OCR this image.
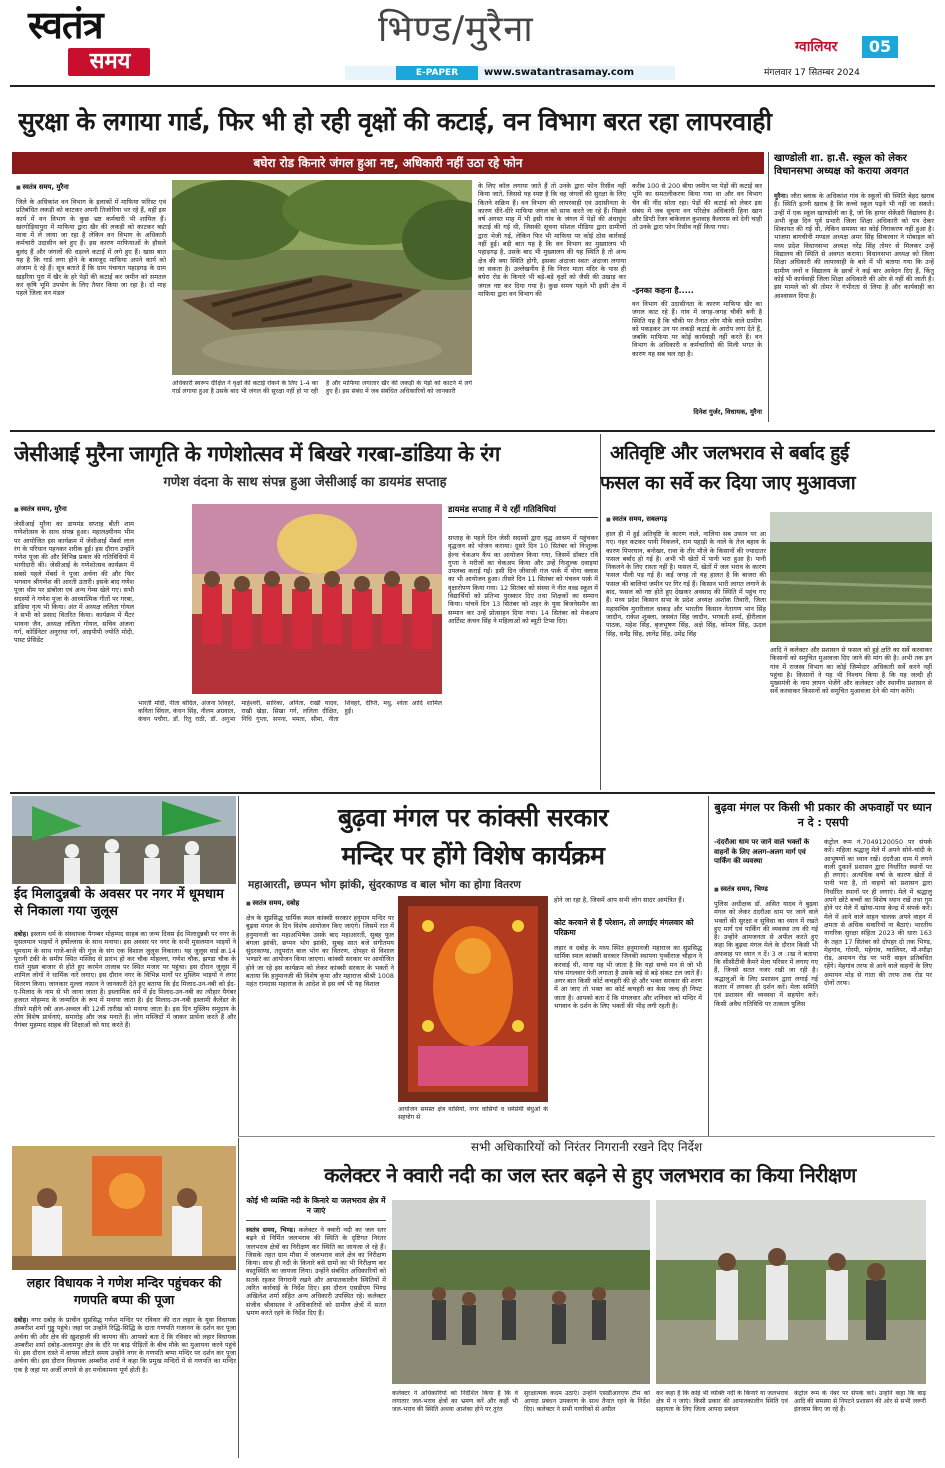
स्वतंत्र
समय
भिण्ड/मुरैना
E-PAPER	www.swatantrasamay.com
ग्वालियर	05
मंगलवार 17 सितम्बर 2024
सुरक्षा के लगाया गार्ड, फिर भी हो रही वृक्षों की कटाई, वन विभाग बरत रहा लापरवाही
बघेरा रोड किनारे जंगल हुआ नष्ट, अधिकारी नहीं उठा रहे फोन
■ स्वतंत्र समय, मुरैना
जिले के अधिकांश वन विभाग के इलाकों में माफिया फॉरेस्ट एवं प्रतिबंधित लकड़ी को काटकर अपनी तिजोरिया भर रहे हैं, वहीं इस कार्य में वन विभाग के कुछ भ्रष्ट कर्मचारी भी शामिल हैं। खरगोड़ियापुरा में माफिया द्वारा खैर की लकड़ी को काटकर बड़ी मात्रा में ले जाया जा रहा है लेकिन वन विभाग के अधिकारी कर्मचारी उदासीन बने हुए हैं। इस कारण माफियाओं के हौसले बुलंद हैं और जंगलों की धड़ल्ले कटाई में लगे हुए हैं। खास बात यह है कि गार्ड लगा होने के बावजूद माफिया अपने कार्य को अंजाम दे रहे हैं। सूत्र बताते हैं कि ग्राम पंचायत पहाड़गढ़ के ग्राम खड़रिया पुरा में खैर के हरे पेड़ों की कटाई कर जमीन को समतल कर कृषि भूमि उपयोग के लिए तैयार किया जा रहा है। दो माह पहले जिला वन मंडल
अधिकारी स्वरूप दीक्षित ने वृक्षों की कटाई रोकने के लिए 1-4 का गार्ड लगाया हुआ है उसके बाद भी जंगल की सुरक्षा नहीं हो पा रही है और माफिया लगातार खैर की लकड़ी के पेड़ों को काटने में लगे हुए हैं। इस संबंध में जब संबंधित अधिकारियों को जानकारी
के लिए कॉल लगाया जाते हैं तो उनके द्वारा फोन रिसीव नहीं किया जाते, जिससे यह स्पष्ट है कि वह जंगलों की सुरक्षा के लिए कितने सक्रिय हैं। वन विभाग की लापरवाही एवं उदासीनता के कारण धीरे-धीरे माफिया जंगल को साफ करते जा रहे हैं। पिछले वर्ष अगस्त माह में भी इसी गांव के जंगल में पेड़ों की अंधाधुंध कटाई की गई थी, जिसकी सूचना सोशल मीडिया द्वारा ग्रामीणों द्वारा भेजी गई, लेकिन फिर भी माफिया पर कोई ठोस कार्रवाई नहीं हुई। बड़ी बात यह है कि वन विभाग का मुख्यालय भी पहाड़गढ़ है, उसके बाद भी मुख्यालय की यह स्थिति है तो अन्य क्षेत्र की क्या स्थिति होगी, इसका अंदाजा स्वतः अंदाजा लगाया जा सकता है। उल्लेखनीय है कि निरार माता मंदिर के पास ही बघेरा रोड के किनारे भी बड़े-बड़े वृक्षों को जैसी की उखाड़ कर जंगल नष्ट कर दिया गया है। कुछ समय पहले भी इसी क्षेत्र में माफिया द्वारा वन विभाग की
करीब 100 से 200 बीघा जमीन पर पेड़ों की कटाई कर भूमि का समतलीकरण किया गया था और वन विभाग चैन की नींद सोता रहा। पेड़ों की कटाई को लेकर इस संबंध में जब सूचना वन परिक्षेत्र अधिकारी हिना खान और डिप्टी रेंजर बांकेलाल कुशवाह कैलारस को देनी चाही तो उनके द्वारा फोन रिसीव नहीं किया गया।
-इनका कहना है.....
वन विभाग की उदासीनता के कारण माफिया खैर का जंगल काट रहे हैं। गांव में जगह-जगह चौकी बनी है स्थिति यह है कि चौकी पर तैनात लोग मौके वाले ग्रामीण को पकड़कर उन पर लकड़ी कटाई के आरोप लगा देते हैं, जबकि माफिया पर कोई कार्यवाही नहीं करते हैं। वन विभाग के अधिकारी व कर्मचारियों की मिली भगत के कारण यह सब चल रहा है।
दिनेश गुर्जर, विधायक, मुरैना
खाण्डोली शा. हा.सै. स्कूल को लेकर विधानसभा अध्यक्ष को कराया अवगत
मुरैना। जौरा ब्लाक के अधिकांश गांव के स्कूलों की स्थिति बेहद खराब है। स्थिति इतनी खराब है कि कच्चे स्कूल पढ़ने भी नहीं जा सकते। उन्हीं में एक स्कूल खाण्डोली का है, जो कि हायर सेकेंडरी विद्यालय है। अभी कुछ दिन पूर्व प्रभारी जिला शिक्षा अधिकारी को पत्र देकर शिकायत की गई थी, लेकिन समस्या का कोई निराकरण नहीं हुआ है। भाजपा बागचीनी मण्डल अध्यक्ष अमर सिंह सिकरवार ने मोबाइल को मध्य प्रदेश विधानसभा अध्यक्ष नरेंद्र सिंह तोमर से मिलकर उन्हें विद्यालय की स्थिति से अवगत कराया। विधानसभा अध्यक्ष को जिला शिक्षा अधिकारी की लापरवाही के बारे में भी बताया गया कि उन्हें ग्रामीण जनों व विद्यालय के छात्रों ने कई बार आवेदन दिए हैं, किंतु कोई भी कार्यवाही जिला शिक्षा अधिकारी की ओर से नहीं की जाती है। इस मामले को श्री तोमर ने गंभीरता से लिया है और कार्यवाही का आश्वासन दिया है।
जेसीआई मुरैना जागृति के गणेशोत्सव में बिखरे गरबा-डांडिया के रंग
गणेश वंदना के साथ संपन्न हुआ जेसीआई का डायमंड सप्ताह
■ स्वतंत्र समय, मुरैना
जेसीआई मुरैना का डायमंड सप्ताह बीती शाम गणेशोत्सव के साथ संपन्न हुआ। महालक्ष्मीनम भीम पर आयोजित इस कार्यक्रम में जेसीआई मेंबर्स लाल रंग के परिधान पहनकर शरीक हुईं। इस दौरान उन्होंने गणेश पूजा की और विभिन्न प्रकार की गतिविधियों में भागीदारी की। जेसीआई के गणेशोत्सव कार्यक्रम में सबसे पहले मेंबर्स ने पूजा अर्चना की और फिर भगवान श्रीगणेश की आरती उतारी। इसके बाद गणेश पूजा थीम पर डांबोला एवं अन्य गेम्स खेले गए। सभी सदस्यों ने गणेश पूजा के आध्यात्मिक गीतों पर गरबा, डांडिया नृत्य भी किया। अंत में अध्यक्ष ललिता गोयल ने सभी को प्रसाद वितरित किया। कार्यक्रम में मैंटर भावना जैन, अध्यक्ष ललिता गोयल, सचिव अंजना गर्ग, कोर्डिनेटर अनुराधा गर्ग, आइपीपी ज्योति मोदी, पास्ट प्रेसिडेंट
भारती मोदी, नीता बांदिल, अंजना शिवहरे, कविता सिंघल, कंचन सिंह, नीलम अग्रवाल, कंचन पचौरा, डॉ. रितु राठी, डॉ. अनुभा माहेश्वरी, सारिका, अनिता, राखी यादव, राखी खेड़ा, सिखा गर्ग, ललिता दीक्षित, निधि गुप्ता, सपना, ममता, सीमा, नीता शिवहरे, दीप्ति, मधु, श्वेता आदि शामिल हुईं।
डायमंड सप्ताह में ये रहीं गतिविधियां
सप्ताह के पहले दिन जेसी सदस्यों द्वारा वृद्ध आश्रम में पहुंचकर वृद्धजन को भोजन कराया। दूसरे दिन 10 सितंबर को निःशुल्क हेल्थ चेकअप कैंप का आयोजन किया गया, जिसमें डॉक्टर रवि गुप्ता ने मरीजों का चेकअप किया और उन्हें निःशुल्क दवाइयां उपलब्ध कराई गईं। इसी दिन जीवाजी गंज पार्क में योगा क्लास का भी आयोजन हुआ। तीसरे दिन 11 सितंबर को पंचवन पार्क में वृक्षारोपण किया गया। 12 सितंबर को संस्था ने नीत वल्र्ड स्कूल में विद्यार्थियों को प्रतिभा पुरस्कार दिए तथा शिक्षकों का सम्मान किया। पांचवें दिन 13 सितंबर को शहर के युवा बिजनेसमैन का सम्मान कर उन्हें प्रोत्साहन दिया गया। 14 सितंबर को मेकअप आर्टिस्ट कंचन सिंह ने महिलाओं को ब्यूटी टिप्स दिए।
अतिवृष्टि और जलभराव से बर्बाद हुई
फसल का सर्वे कर दिया जाए मुआवजा
■ स्वतंत्र समय, सबलगढ़
हाल ही में हुई अतिवृष्टि के कारण नाले, नालिया सब उफान पर आ गए। नहर कटकर पानी निकलने, राम पहाड़ी के नाले के तेज बहाव के कारण पिपरघान, बनोखर, रावा के तीर मौजे के किसानों की ज्यादातर फसल बर्बाद हो गई है। अभी भी खेतों में पानी भरा हुआ है। पानी निकलने के लिए रास्ता नहीं है। फसल में, खेतों में जल भराव के कारण फसल पीली पड़ गई है। कई जगह तो यह हालत है कि बाजरा की फसल की बालियां जमीन पर गिर गई हैं। किसान भारी लागत लगाने के बाद, फसल को नष्ट होते हुए देखकर अवसाद की स्थिति में पहुंच गए हैं। मध्य प्रदेश किसान सभा के प्रदेश अध्यक्ष अशोक तिवारी, जिला महासचिव मुरारीलाल धाकड़ और भारतीय किसान नेतागण भान सिंह जादौन, राकेश शुक्ला, जसवंत सिंह जादौन, भगवती शर्मा, हीरीलाल पाठक, महेश सिंह, बृजभूषण सिंह, अक्षे सिंह, कोमल सिंह, ऊदल सिंह, धर्मेंद्र सिंह, ज्ञानेंद्र सिंह, उमेंद्र सिंह
आदि ने कलेक्टर और प्रशासन से फसल को हुई क्षति का सर्वे करवाकर किसानों को समुचित मुआवजा दिए जाने की मांग की है। अभी तक इन गांव में राजस्व विभाग का कोई जिम्मेदार अधिकारी सर्वे करने नहीं पहुंचा है। किसानों ने यह भी निश्चय किया है कि यह जल्दी ही मुख्यमंत्री के नाम ज्ञापन भेजेंगे और कलेक्टर और स्थानीय प्रशासन से सर्वे करवाकर किसानों को समुचित मुआवजा देने की मांग करेंगे।
ईद मिलादुन्नबी के अवसर पर नगर में धूमधाम से निकाला गया जुलूस
दबोह। इस्लाम धर्म के संस्थापक पैगम्बर मोहम्मद साहब का जन्म दिवस ईद मिलादुन्नबी पर नगर के मुसलमान भाइयों ने हर्षोल्लास के साथ मनाया। इस अवसर पर नगर के सभी मुसलमान भाइयों ने धूमधाम के साथ गाजे-बाजे की गूंज के संग एक विशाल जुलूस निकाला। यह जुलूस वार्ड क्र.14 पुरानी टंकी के समीप स्थित मस्जिद से प्रारंभ हो कर चौक मोहल्ला, गणेश चौक, झण्डा चौक के रास्ते मुख्य बाजार से होते हुए करमेन तालाब पर स्थित मजार पर पहुंचा। इस दौरान जुलूस में शामिल लोगों ने धार्मिक नारे लगाए। इस दौरान नगर के विभिन्न मार्गों पर मुस्लिम भाइयों ने लंगर वितरण किया। जानकार मुल्ला नफ़ान ने जानकारी देते हुए बताया कि ईद मिलाद-उन-नबी को ईद-ए-मिलाद के नाम से भी जाना जाता है। इस्लामिक धर्म में ईद मिलाद-उन-नबी का त्यौहार पैगंबर हजरत मोहम्मद के जन्मदिन के रूप में मनाया जाता है। ईद मिलाद-उन-नबी इस्लामी कैलेंडर के तीसरे महीने रबी अल-अव्वल की 12वीं तारीख को मनाया जाता है। इस दिन मुस्लिम समुदाय के लोग विशेष प्रार्थनाएं, समारोह और जश्न मनाते हैं। लोग मस्जिदों में जाकर प्रार्थना करते हैं और पैगंबर मुहम्मद साहब की शिक्षाओं को याद करते हैं।
बुढ़वा मंगल पर कांक्सी सरकार
मन्दिर पर होंगे विशेष कार्यक्रम
महाआरती, छप्पन भोग झांकी, सुंदरकाण्ड व बाल भोग का होगा वितरण
■ स्वतंत्र समय, दबोह
क्षेत्र के सुप्रसिद्ध धार्मिक स्थल कांक्सी सरकार हनुमान मन्दिर पर बुढ़वा मंगल के दिन विशेष आयोजन किए जाएंगे। जिसमें रात में हनुमानजी का महाअभिषेक उसके बाद महाआरती, सुबह फूल बंगला झांकी, छप्पन भोग झांकी, सुबह सात बजे संगीतमय सुंदरकाण्ड, तदुपरांत बाल भोग का वितरण, दोपहर से विशाल भण्डारे का आयोजन किया जाएगा। कांक्सी सरकार पर आयोजित होने जा रहे इस कार्यक्रम को लेकर कांक्सी सरकार के भक्तों ने बताया कि हनुमानजी की विशेष कृपा और महाराज श्रीश्री 1008 महंत रामदास महाराज के आदेश से इस वर्ष भी यह विशाल
आयोजन समस्त क्षेत्र वासियों, नगर वासियों व धर्मप्रेमी बंधुओं के सहयोग से
होने जा रहा है, जिसमें आप सभी लोग सादर आमंत्रित हैं।
कोट करवाने से हैं परेशान, तो लगाईए मंगलवार को परिक्रमा
लहार व दबोह के मध्य स्थित हनुमानजी महाराज का सुप्रसिद्ध धार्मिक स्थल कांक्सी सरकार जिनकी स्थापना पृथ्वीराज चौहान ने करवाई थी, माना यह भी जाता है कि यहां सच्चे मन से जो भी पांच मंगलवार फेरी लगाता है उसके बड़े से बड़े संकट टल जाते हैं। अगर बात किसी कोर्ट कचहरी की हो और भक्त सरकार की शरण में आ जाए तो भक्त का कोर्ट कचहरी का केस जल्द ही निपट जाता है। आपको बता दें कि मंगलवार और शनिवार को मन्दिर में भगवान के दर्शन के लिए भक्तों की भीड़ लगी रहती है।
बुढ़वा मंगल पर किसी भी प्रकार की अफवाहों पर ध्यान न दे : एसपी
-दंदरौआ धाम पर जाने वाले भक्तों के वाहनों के लिए अलग-अलग मार्ग एवं पार्किंग की व्यवस्था
■ स्वतंत्र समय, भिण्ड
पुलिस अधीक्षक डॉ. असित यादव ने बुढ़वा मंगल को लेकर दंदरौआ धाम पर जाने वाले भक्तों की सुरक्षा व सुविधा का ध्यान में रखते हुए मार्ग एवं पार्किंग की व्यवस्था तय की गई है। उन्होंने आमजनता से अपील करते हुए कहा कि बुढ़वा मंगल मेले के दौरान किसी भी अफवाह पर ध्यान न दें। 3 ल ाख ने बताया कि सीसीटीवी कैमरे मेला परिसर में लगाए गए हैं, जिनसे सतत नजर रखी जा रही है। श्रद्धालुओं के लिए प्रशासन द्वारा लगाई गई कतार में लगकर ही दर्शन करें। मेला समिति एवं प्रशासन की व्यवस्था में सहयोग करें। किसी अवैध गतिविधि पर तत्काल पुलिस
कंट्रोल रूम नं.7049120050 पर संपर्क करें। महिला श्रद्धालु मेले में अपने सोने-चांदी के आभूषणों का ध्यान रखें। दंदरौआ धाम में लगने वाली दुकानें प्रशासन द्वारा निर्धारित स्थानों पर ही लगाएं। अत्यधिक वर्षा के कारण खेतों में पानी भरा है, तो वाहनों को प्रशासन द्वारा निर्धारित स्थानों पर ही लगाएं। मेले में श्रद्धालु अपने छोटे बच्चों का विशेष ध्यान रखें तथा गुम होने पर मेले में खोया-पाया केन्द्र में संपर्क करें। मेले में आने वाले वाहन चालक अपने वाहन में क्षमता से अधिक सवारियों ना बैठाएं। भारतीय नागरिक सुरक्षा संहिता 2023 की धारा 163 के तहत 17 सितंबर को दोपहर दो तक भिण्ड, मेहगांव, गोरमी, महेगांव, ग्वालियर, मौ-स्यौढ़ा रोड, अमायन रोड पर भारी वाहन प्रतिबंधित रहेंगे। मेहगांव तरफ से आने वाले वाहनों के लिए अमायन मोड़ से गाता की तरफ तक रोड पर दोनों तरफ।
लहार विधायक ने गणेश मन्दिर पहुंचकर की गणपति बप्पा की पूजा
दबोह। नगर दबोह के प्राचीन सुप्रसिद्ध गणेश मन्दिर पर रविवार की रात लहार के युवा विधायक अम्बरीश शर्मा गुड्डू पहुंचे। जहां पर उन्होंने रिद्धि-सिद्धि के दाता गणपति गजानन के दर्शन कर पूजा अर्चना की और क्षेत्र की खुशहाली की कामना की। आपको बता दें कि रविवार को लहार विधायक अम्बरीश शर्मा दबोह-अलामपुर क्षेत्र के दौरे पर बाढ़ पीड़ितों के बीच मौके का मुआयना करने पहुंचे थे। इस दौरान रास्ते में वापस लौटते समय उन्होंने नगर के गणपति बप्पा मन्दिर पर दर्शन कर पूजा अर्चना की। इस दौरान विधायक अम्बरीश शर्मा ने कहा कि प्रमुख मन्दिरों में से गणपति का मन्दिर एक है जहां पर अर्जी लगाने से हर मनोकामना पूर्ण होती है।
सभी अधिकारियों को निरंतर निगरानी रखने दिए निर्देश
कलेक्टर ने क्वारी नदी का जल स्तर बढ़ने से हुए जलभराव का किया निरीक्षण
कोई भी व्यक्ति नदी के किनारे या जलभराव क्षेत्र में न जाएं
स्वतंत्र समय, भिण्ड। कलेक्टर ने क्वारी नदी का जल स्तर बढ़ने से निर्मित जलभराव की स्थिति के दृष्टिगत निरंतर जलभराव क्षेत्रों का निरीक्षण कर स्थिति का जायजा ले रहे हैं। जिसके तहत ग्राम मौसा में जलभराव वाले क्षेत्र का निरीक्षण किया। साथ ही नदी के किनारे बसे ग्रामों का भी निरीक्षण कर वस्तुस्थिति का जायजा लिया। उन्होंने संबंधित अधिकारियों को सतर्क रहकर निगरानी रखने और आपातकालीन स्थितियों में त्वरित कार्रवाई के निर्देश दिए। इस दौरान एसडीएम भिण्ड अखिलेश शर्मा सहित अन्य अधिकारी उपस्थित रहे। कलेक्टर संजीव श्रीवास्तव ने अधिकारियों को ग्रामीण क्षेत्रों में सतत भ्रमण करते रहने के निर्देश दिए हैं।
कलेक्टर ने अधिकारियों को निर्देशित किया है कि वे लगातार जल-भराव क्षेत्रों का भ्रमण करें और कहीं भी जल-भराव की स्थिति अथवा आशंका होने पर तुरंत
सुरक्षात्मक कदम उठाएं। उन्होंने एसडीआरएफ टीम को आपदा प्रबंधन उपकरण के साथ तैनात रहने के निर्देश दिए। कलेक्टर ने सभी नागरिकों से अपील
कर कहा है कि कोई भी व्यक्ति नदी के किनारे या जलभराव क्षेत्र में न जाएं। किसी प्रकार की आपातकालीन स्थिति एवं सहायता के लिए जिला आपदा प्रबंधन
कंट्रोल रूम के नंबर पर संपर्क करें। उन्होंने कहा कि बाढ़ आदि की समस्या से निपटने प्रशासन की ओर से सभी जरूरी इंतजाम किए जा रहे हैं।
